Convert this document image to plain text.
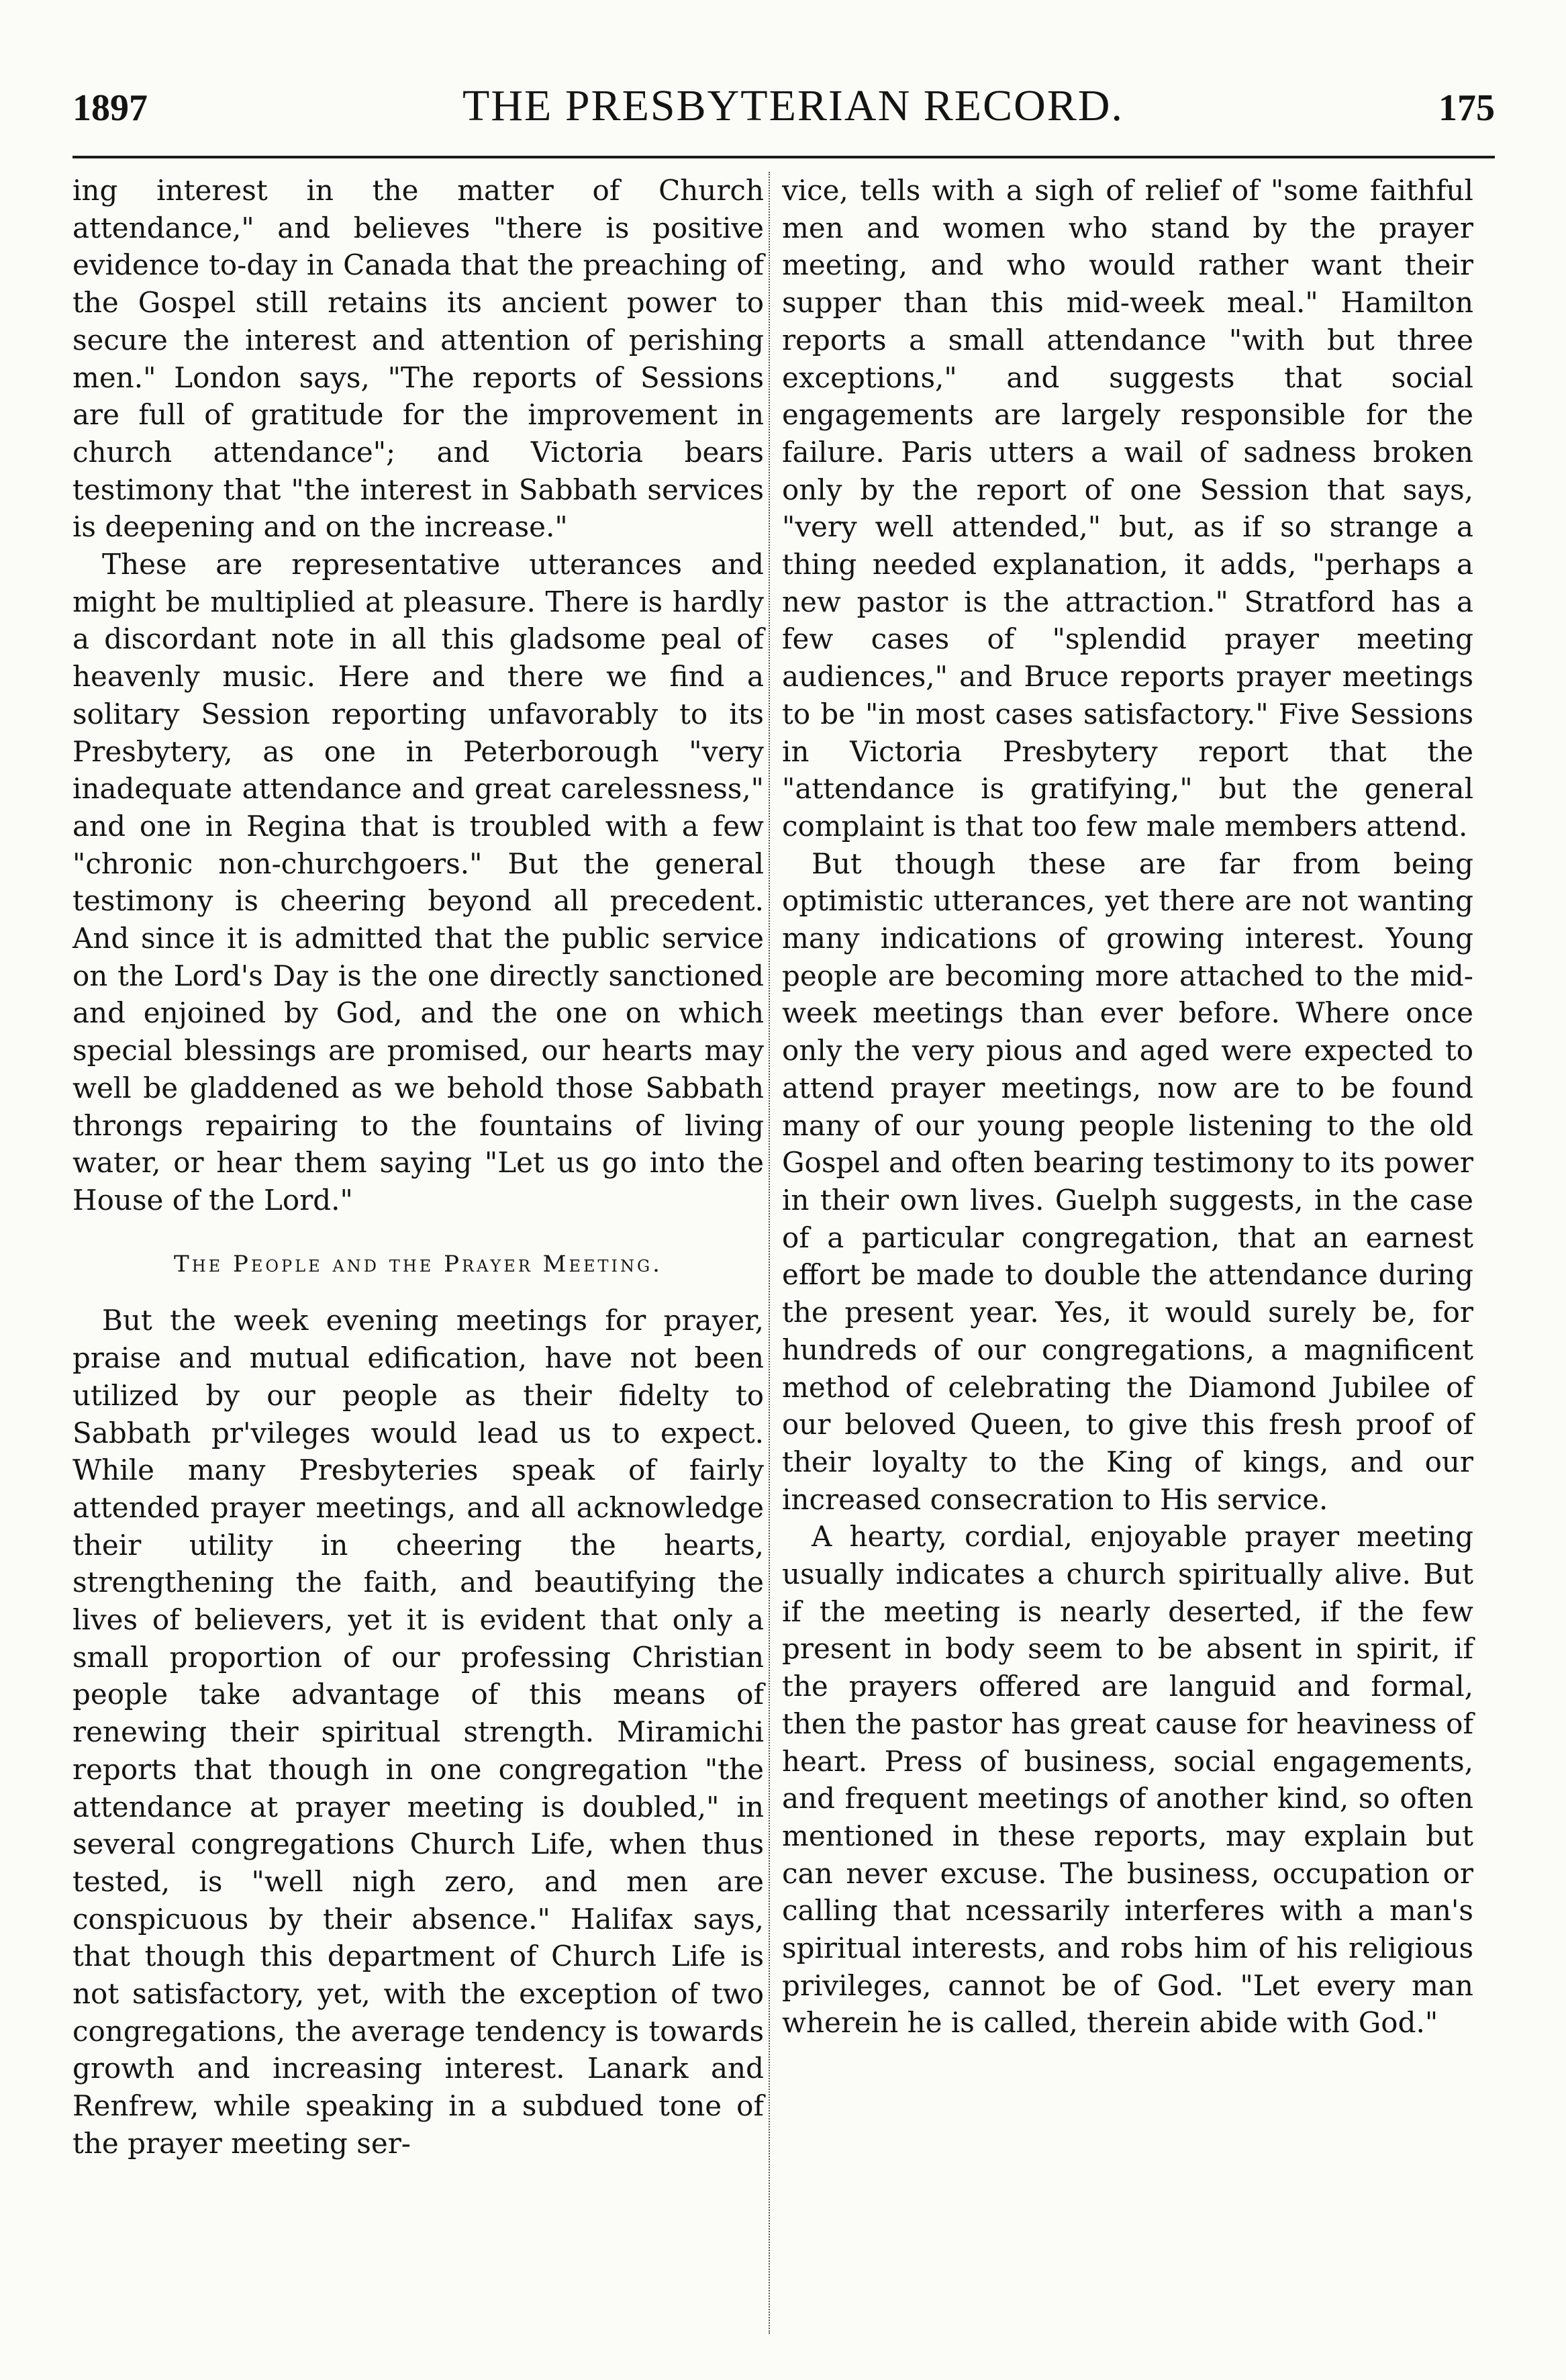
1897	THE PRESBYTERIAN RECORD.	175

ing interest in the matter of Church attendance," and believes "there is positive evidence to-day in Canada that the preaching of the Gospel still retains its ancient power to secure the interest and attention of perishing men." London says, "The reports of Sessions are full of gratitude for the improvement in church attendance"; and Victoria bears testimony that "the interest in Sabbath services is deepening and on the increase."

These are representative utterances and might be multiplied at pleasure. There is hardly a discordant note in all this gladsome peal of heavenly music. Here and there we find a solitary Session reporting unfavorably to its Presbytery, as one in Peterborough "very inadequate attendance and great carelessness," and one in Regina that is troubled with a few "chronic non-churchgoers." But the general testimony is cheering beyond all precedent. And since it is admitted that the public service on the Lord's Day is the one directly sanctioned and enjoined by God, and the one on which special blessings are promised, our hearts may well be gladdened as we behold those Sabbath throngs repairing to the fountains of living water, or hear them saying "Let us go into the House of the Lord."

The People and the Prayer Meeting.

But the week evening meetings for prayer, praise and mutual edification, have not been utilized by our people as their fidelty to Sabbath pr'vileges would lead us to expect. While many Presbyteries speak of fairly attended prayer meetings, and all acknowledge their utility in cheering the hearts, strengthening the faith, and beautifying the lives of believers, yet it is evident that only a small proportion of our professing Christian people take advantage of this means of renewing their spiritual strength. Miramichi reports that though in one congregation "the attendance at prayer meeting is doubled," in several congregations Church Life, when thus tested, is "well nigh zero, and men are conspicuous by their absence." Halifax says, that though this department of Church Life is not satisfactory, yet, with the exception of two congregations, the average tendency is towards growth and increasing interest. Lanark and Renfrew, while speaking in a subdued tone of the prayer meeting ser-

vice, tells with a sigh of relief of "some faithful men and women who stand by the prayer meeting, and who would rather want their supper than this mid-week meal." Hamilton reports a small attendance "with but three exceptions," and suggests that social engagements are largely responsible for the failure. Paris utters a wail of sadness broken only by the report of one Session that says, "very well attended," but, as if so strange a thing needed explanation, it adds, "perhaps a new pastor is the attraction." Stratford has a few cases of "splendid prayer meeting audiences," and Bruce reports prayer meetings to be "in most cases satisfactory." Five Sessions in Victoria Presbytery report that the "attendance is gratifying," but the general complaint is that too few male members attend.

But though these are far from being optimistic utterances, yet there are not wanting many indications of growing interest. Young people are becoming more attached to the mid-week meetings than ever before. Where once only the very pious and aged were expected to attend prayer meetings, now are to be found many of our young people listening to the old Gospel and often bearing testimony to its power in their own lives. Guelph suggests, in the case of a particular congregation, that an earnest effort be made to double the attendance during the present year. Yes, it would surely be, for hundreds of our congregations, a magnificent method of celebrating the Diamond Jubilee of our beloved Queen, to give this fresh proof of their loyalty to the King of kings, and our increased consecration to His service.

A hearty, cordial, enjoyable prayer meeting usually indicates a church spiritually alive. But if the meeting is nearly deserted, if the few present in body seem to be absent in spirit, if the prayers offered are languid and formal, then the pastor has great cause for heaviness of heart. Press of business, social engagements, and frequent meetings of another kind, so often mentioned in these reports, may explain but can never excuse. The business, occupation or calling that ncessarily interferes with a man's spiritual interests, and robs him of his religious privileges, cannot be of God. "Let every man wherein he is called, therein abide with God."
